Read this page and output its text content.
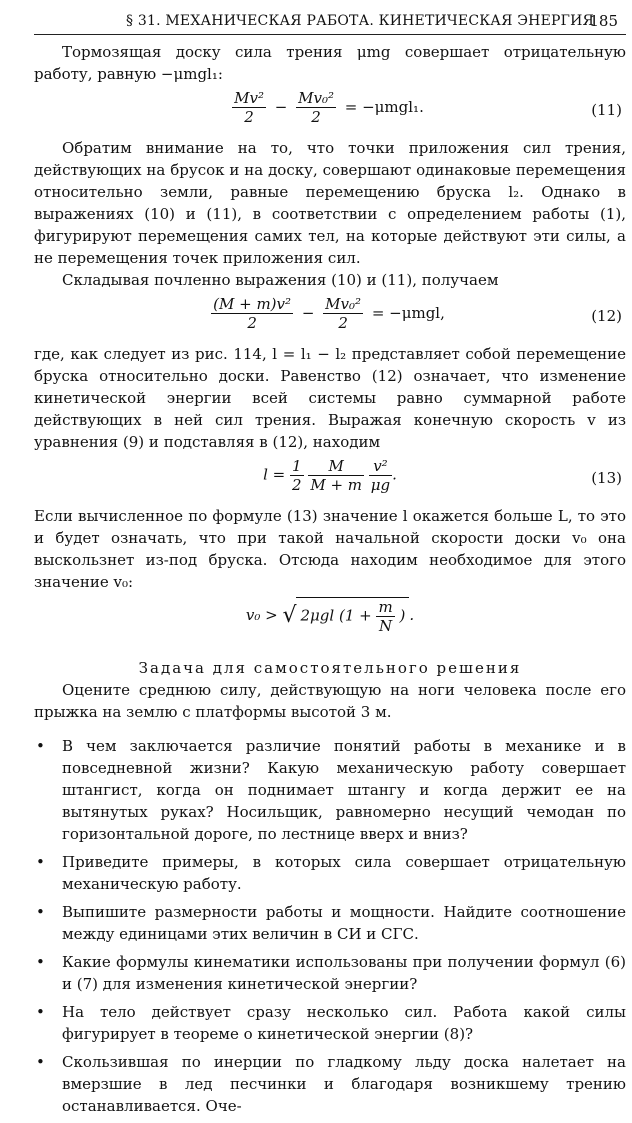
§ 31. МЕХАНИЧЕСКАЯ РАБОТА. КИНЕТИЧЕСКАЯ ЭНЕРГИЯ
185

Тормозящая доску сила трения μmg совершает отрицательную работу, равную −μmgl₁:

$\frac{\text{Mv²}}{2} - \frac{\text{Mv₀²}}{2} = -\mu mgl_1$.	(11)

Обратим внимание на то, что точки приложения сил трения, действующих на брусок и на доску, совершают одинаковые перемещения относительно земли, равные перемещению бруска l₂. Однако в выражениях (10) и (11), в соответствии с определением работы (1), фигурируют перемещения самих тел, на которые действуют эти силы, а не перемещения точек приложения сил.

Складывая почленно выражения (10) и (11), получаем

$\frac{\text{(M + m)v²}}{2} - \frac{\text{Mv₀²}}{2} = -\mu mgl$,	(12)

где, как следует из рис. 114, l = l₁ − l₂ представляет собой перемещение бруска относительно доски. Равенство (12) означает, что изменение кинетической энергии всей системы равно суммарной работе действующих в ней сил трения. Выражая конечную скорость v из уравнения (9) и подставляя в (12), находим

$l = \frac{1}{2}$
$\frac{M}{M + m}$
$\frac{\text{v²}}{\mu g}$ .	(13)

Если вычисленное по формуле (13) значение l окажется больше L, то это и будет означать, что при такой начальной скорости доски v₀ она выскользнет из-под бруска. Отсюда находим необходимое для этого значение v₀:

v₀ > √ 2μgl ($1 + \frac{m}{N}$ ) .
Задача для самостоятельного решения

Оцените среднюю силу, действующую на ноги человека после его прыжка на землю с платформы высотой 3 м.

• В чем заключается различие понятий работы в механике и в повседневной жизни? Какую механическую работу совершает штангист, когда он поднимает штангу и когда держит ее на вытянутых руках? Носильщик, равномерно несущий чемодан по горизонтальной дороге, по лестнице вверх и вниз?
• Приведите примеры, в которых сила совершает отрицательную механическую работу.
• Выпишите размерности работы и мощности. Найдите соотношение между единицами этих величин в СИ и СГС.
• Какие формулы кинематики использованы при получении формул (6) и (7) для изменения кинетической энергии?
• На тело действует сразу несколько сил. Работа какой силы фигурирует в теореме о кинетической энергии (8)?
• Скользившая по инерции по гладкому льду доска налетает на вмерзшие в лед песчинки и благодаря возникшему трению останавливается. Оче-
